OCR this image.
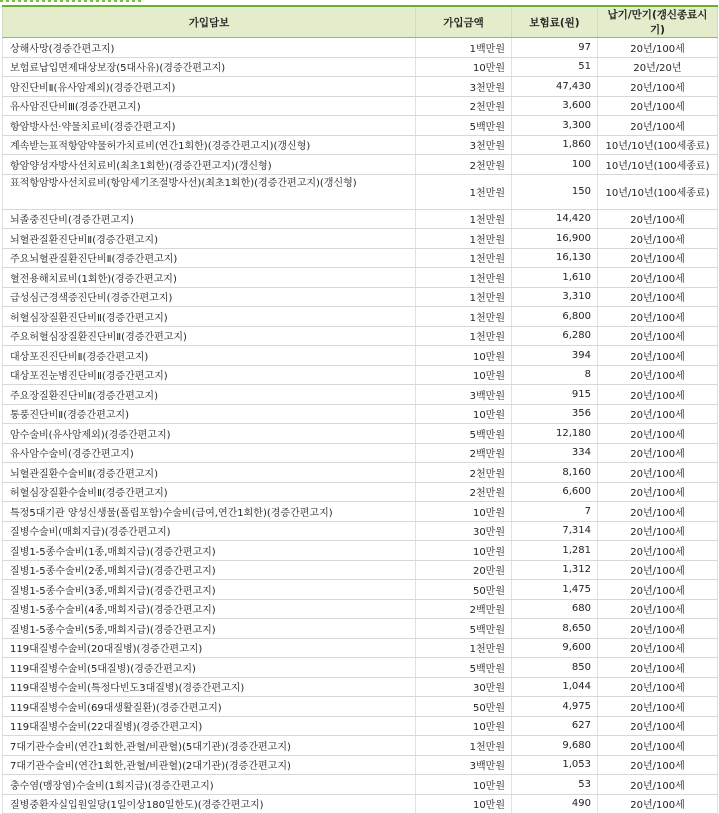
가입담보	가입금액	보험료(원)	납기/만기(갱신종료시기)
상해사망(경증간편고지)	1백만원	97	20년/100세
보험료납입면제대상보장(5대사유)(경증간편고지)	10만원	51	20년/20년
암진단비Ⅱ(유사암제외)(경증간편고지)	3천만원	47,430	20년/100세
유사암진단비Ⅲ(경증간편고지)	2천만원	3,600	20년/100세
항암방사선·약물치료비(경증간편고지)	5백만원	3,300	20년/100세
계속받는표적항암약물허가치료비(연간1회한)(경증간편고지)(갱신형)	3천만원	1,860	10년/10년(100세종료)
항암양성자방사선치료비(최초1회한)(경증간편고지)(갱신형)	2천만원	100	10년/10년(100세종료)
표적항암방사선치료비(항암세기조절방사선)(최초1회한)(경증간편고지)(갱신형)	1천만원	150	10년/10년(100세종료)
뇌졸중진단비(경증간편고지)	1천만원	14,420	20년/100세
뇌혈관질환진단비Ⅱ(경증간편고지)	1천만원	16,900	20년/100세
주요뇌혈관질환진단비Ⅱ(경증간편고지)	1천만원	16,130	20년/100세
혈전용해치료비(1회한)(경증간편고지)	1천만원	1,610	20년/100세
급성심근경색증진단비(경증간편고지)	1천만원	3,310	20년/100세
허혈심장질환진단비Ⅱ(경증간편고지)	1천만원	6,800	20년/100세
주요허혈심장질환진단비Ⅱ(경증간편고지)	1천만원	6,280	20년/100세
대상포진진단비Ⅱ(경증간편고지)	10만원	394	20년/100세
대상포진눈병진단비Ⅱ(경증간편고지)	10만원	8	20년/100세
주요장질환진단비Ⅱ(경증간편고지)	3백만원	915	20년/100세
통풍진단비Ⅱ(경증간편고지)	10만원	356	20년/100세
암수술비(유사암제외)(경증간편고지)	5백만원	12,180	20년/100세
유사암수술비(경증간편고지)	2백만원	334	20년/100세
뇌혈관질환수술비Ⅱ(경증간편고지)	2천만원	8,160	20년/100세
허혈심장질환수술비Ⅱ(경증간편고지)	2천만원	6,600	20년/100세
특정5대기관 양성신생물(폴립포함)수술비(급여,연간1회한)(경증간편고지)	10만원	7	20년/100세
질병수술비(매회지급)(경증간편고지)	30만원	7,314	20년/100세
질병1-5종수술비(1종,매회지급)(경증간편고지)	10만원	1,281	20년/100세
질병1-5종수술비(2종,매회지급)(경증간편고지)	20만원	1,312	20년/100세
질병1-5종수술비(3종,매회지급)(경증간편고지)	50만원	1,475	20년/100세
질병1-5종수술비(4종,매회지급)(경증간편고지)	2백만원	680	20년/100세
질병1-5종수술비(5종,매회지급)(경증간편고지)	5백만원	8,650	20년/100세
119대질병수술비(20대질병)(경증간편고지)	1천만원	9,600	20년/100세
119대질병수술비(5대질병)(경증간편고지)	5백만원	850	20년/100세
119대질병수술비(특정다빈도3대질병)(경증간편고지)	30만원	1,044	20년/100세
119대질병수술비(69대생활질환)(경증간편고지)	50만원	4,975	20년/100세
119대질병수술비(22대질병)(경증간편고지)	10만원	627	20년/100세
7대기관수술비(연간1회한,관혈/비관혈)(5대기관)(경증간편고지)	1천만원	9,680	20년/100세
7대기관수술비(연간1회한,관혈/비관혈)(2대기관)(경증간편고지)	3백만원	1,053	20년/100세
충수염(맹장염)수술비(1회지급)(경증간편고지)	10만원	53	20년/100세
질병중환자실입원일당(1일이상180일한도)(경증간편고지)	10만원	490	20년/100세
